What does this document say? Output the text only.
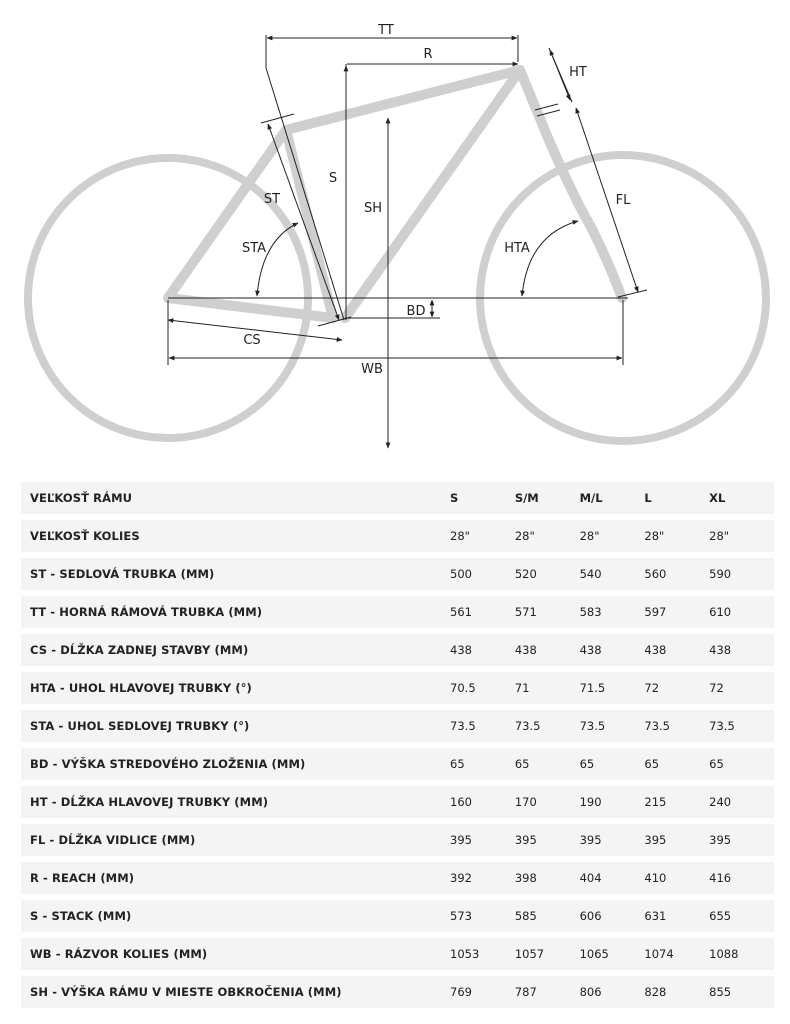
TT
R
HT
S
ST
SH
STA
FL
HTA
BD
CS
WB
VEĽKOSŤ RÁMU	S	S/M	M/L	L	XL
VEĽKOSŤ KOLIES	28"	28"	28"	28"	28"
ST - SEDLOVÁ TRUBKA (MM)	500	520	540	560	590
TT - HORNÁ RÁMOVÁ TRUBKA (MM)	561	571	583	597	610
CS - DĹŽKA ZADNEJ STAVBY (MM)	438	438	438	438	438
HTA - UHOL HLAVOVEJ TRUBKY (°)	70.5	71	71.5	72	72
STA - UHOL SEDLOVEJ TRUBKY (°)	73.5	73.5	73.5	73.5	73.5
BD - VÝŠKA STREDOVÉHO ZLOŽENIA (MM)	65	65	65	65	65
HT - DĹŽKA HLAVOVEJ TRUBKY (MM)	160	170	190	215	240
FL - DĹŽKA VIDLICE (MM)	395	395	395	395	395
R - REACH (MM)	392	398	404	410	416
S - STACK (MM)	573	585	606	631	655
WB - RÁZVOR KOLIES (MM)	1053	1057	1065	1074	1088
SH - VÝŠKA RÁMU V MIESTE OBKROČENIA (MM)	769	787	806	828	855
